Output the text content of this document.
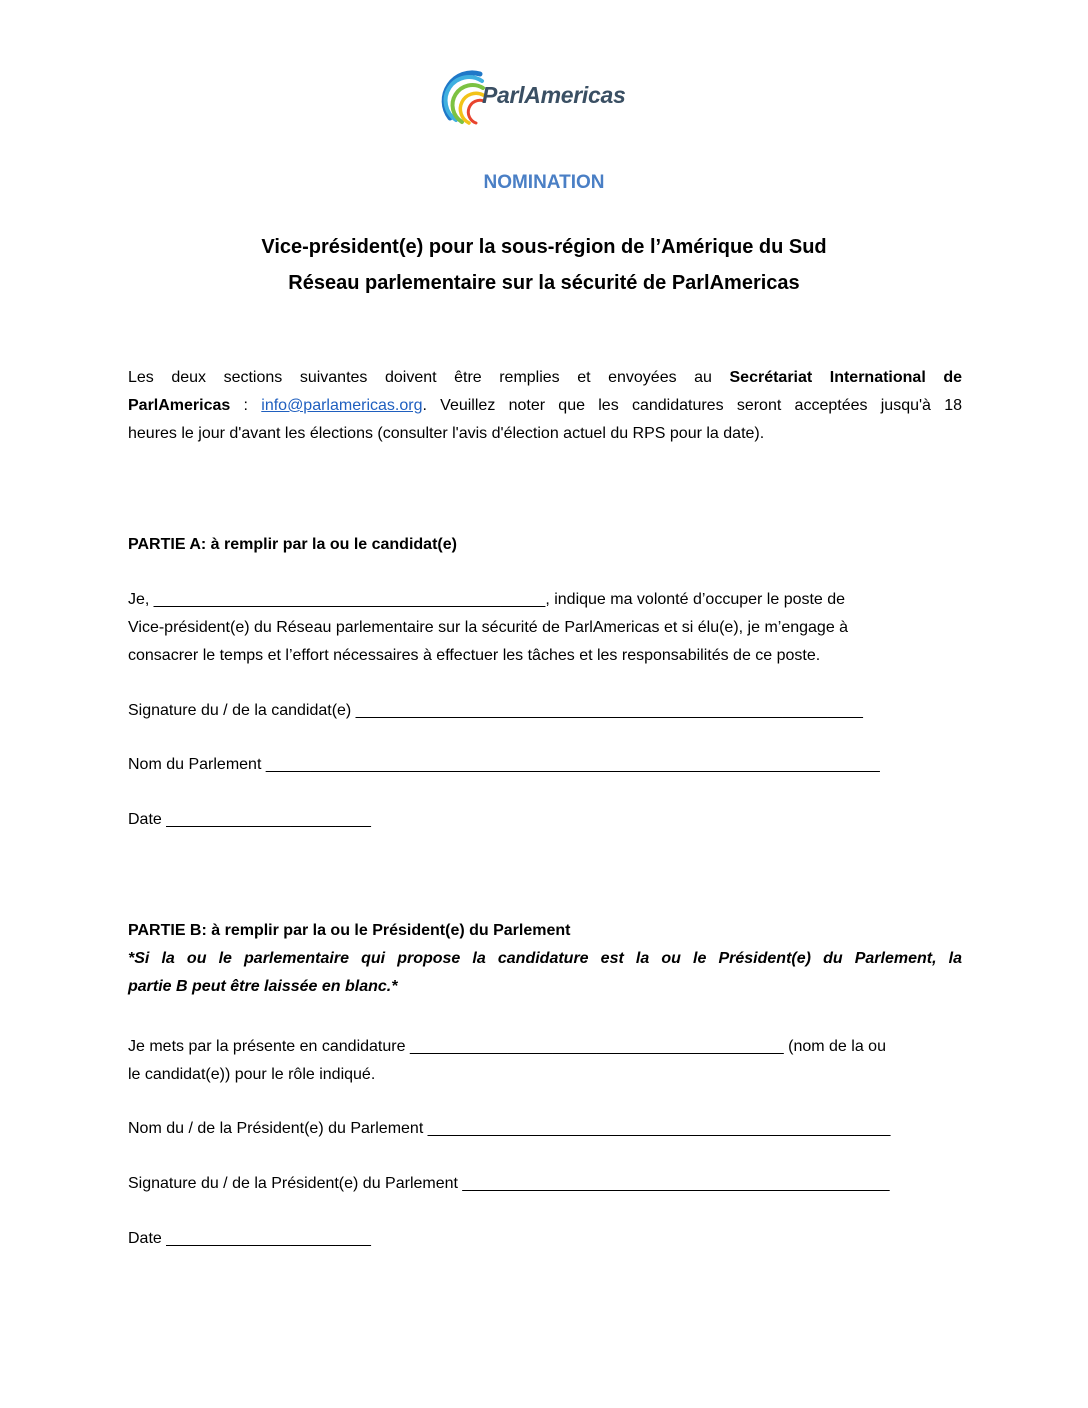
ParlAmericas
NOMINATION
Vice-président(e) pour la sous-région de l’Amérique du Sud
Réseau parlementaire sur la sécurité de ParlAmericas
Les deux sections suivantes doivent être remplies et envoyées au Secrétariat International de
ParlAmericas : info@parlamericas.org. Veuillez noter que les candidatures seront acceptées jusqu'à 18
heures le jour d'avant les élections (consulter l'avis d'élection actuel du RPS pour la date).
PARTIE A: à remplir par la ou le candidat(e)
Je, ____________________________________________, indique ma volonté d’occuper le poste de
Vice-président(e) du Réseau parlementaire sur la sécurité de ParlAmericas et si élu(e), je m’engage à
consacrer le temps et l’effort nécessaires à effectuer les tâches et les responsabilités de ce poste.
Signature du / de la candidat(e) _________________________________________________________
Nom du Parlement _____________________________________________________________________
Date _______________________
PARTIE B: à remplir par la ou le Président(e) du Parlement
*Si la ou le parlementaire qui propose la candidature est la ou le Président(e) du Parlement, la
partie B peut être laissée en blanc.*
Je mets par la présente en candidature __________________________________________ (nom de la ou
le candidat(e)) pour le rôle indiqué.
Nom du / de la Président(e) du Parlement ____________________________________________________
Signature du / de la Président(e) du Parlement ________________________________________________
Date _______________________
